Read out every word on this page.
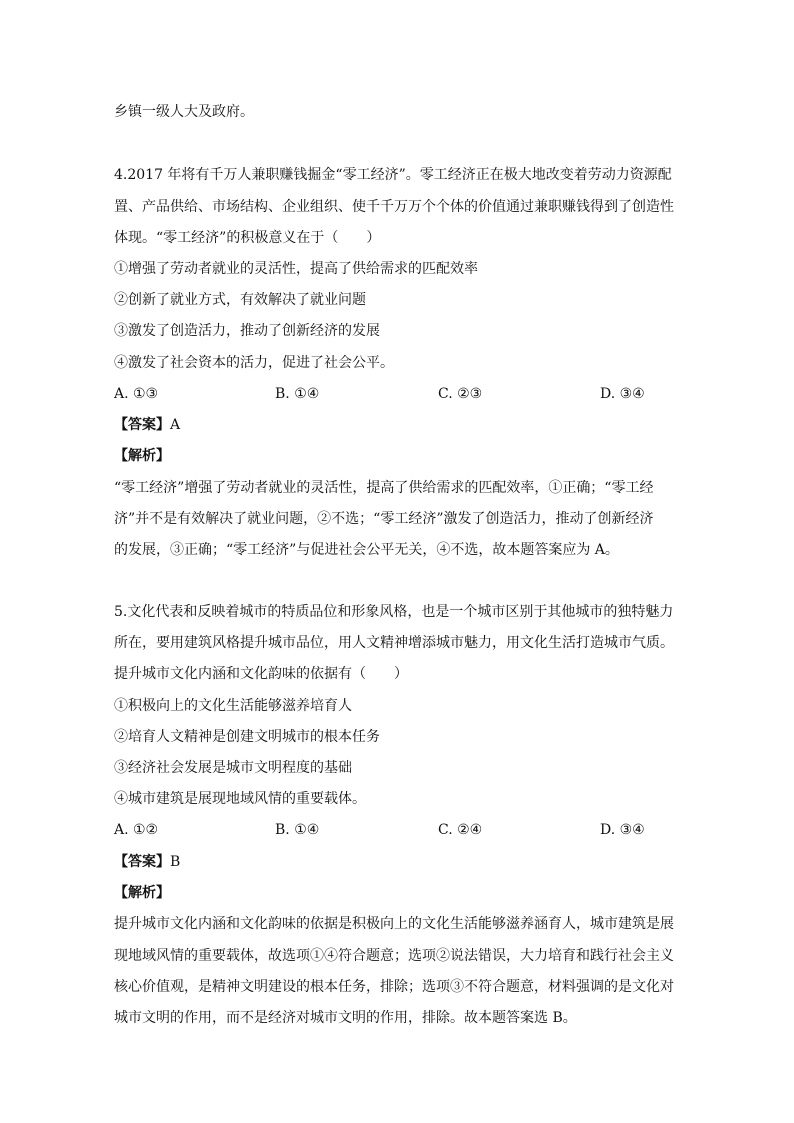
乡镇一级人大及政府。
4.2017 年将有千万人兼职赚钱掘金“零工经济”。零工经济正在极大地改变着劳动力资源配
置、产品供给、市场结构、企业组织、使千千万万个个体的价值通过兼职赚钱得到了创造性
体现。“零工经济”的积极意义在于（　　）
①增强了劳动者就业的灵活性，提高了供给需求的匹配效率
②创新了就业方式，有效解决了就业问题
③激发了创造活力，推动了创新经济的发展
④激发了社会资本的活力，促进了社会公平。
A. ①③	B. ①④	C. ②③	D. ③④
【答案】A
【解析】
“零工经济”增强了劳动者就业的灵活性，提高了供给需求的匹配效率，①正确；“零工经
济”并不是有效解决了就业问题，②不选；“零工经济”激发了创造活力，推动了创新经济
的发展，③正确；“零工经济”与促进社会公平无关，④不选，故本题答案应为 A。
5.文化代表和反映着城市的特质品位和形象风格，也是一个城市区别于其他城市的独特魅力
所在，要用建筑风格提升城市品位，用人文精神增添城市魅力，用文化生活打造城市气质。
提升城市文化内涵和文化韵味的依据有（　　）
①积极向上的文化生活能够滋养培育人
②培育人文精神是创建文明城市的根本任务
③经济社会发展是城市文明程度的基础
④城市建筑是展现地域风情的重要载体。
A. ①②	B. ①④	C. ②④	D. ③④
【答案】B
【解析】
提升城市文化内涵和文化韵味的依据是积极向上的文化生活能够滋养涵育人，城市建筑是展
现地域风情的重要载体，故选项①④符合题意；选项②说法错误，大力培育和践行社会主义
核心价值观，是精神文明建设的根本任务，排除；选项③不符合题意，材料强调的是文化对
城市文明的作用，而不是经济对城市文明的作用，排除。故本题答案选 B。
